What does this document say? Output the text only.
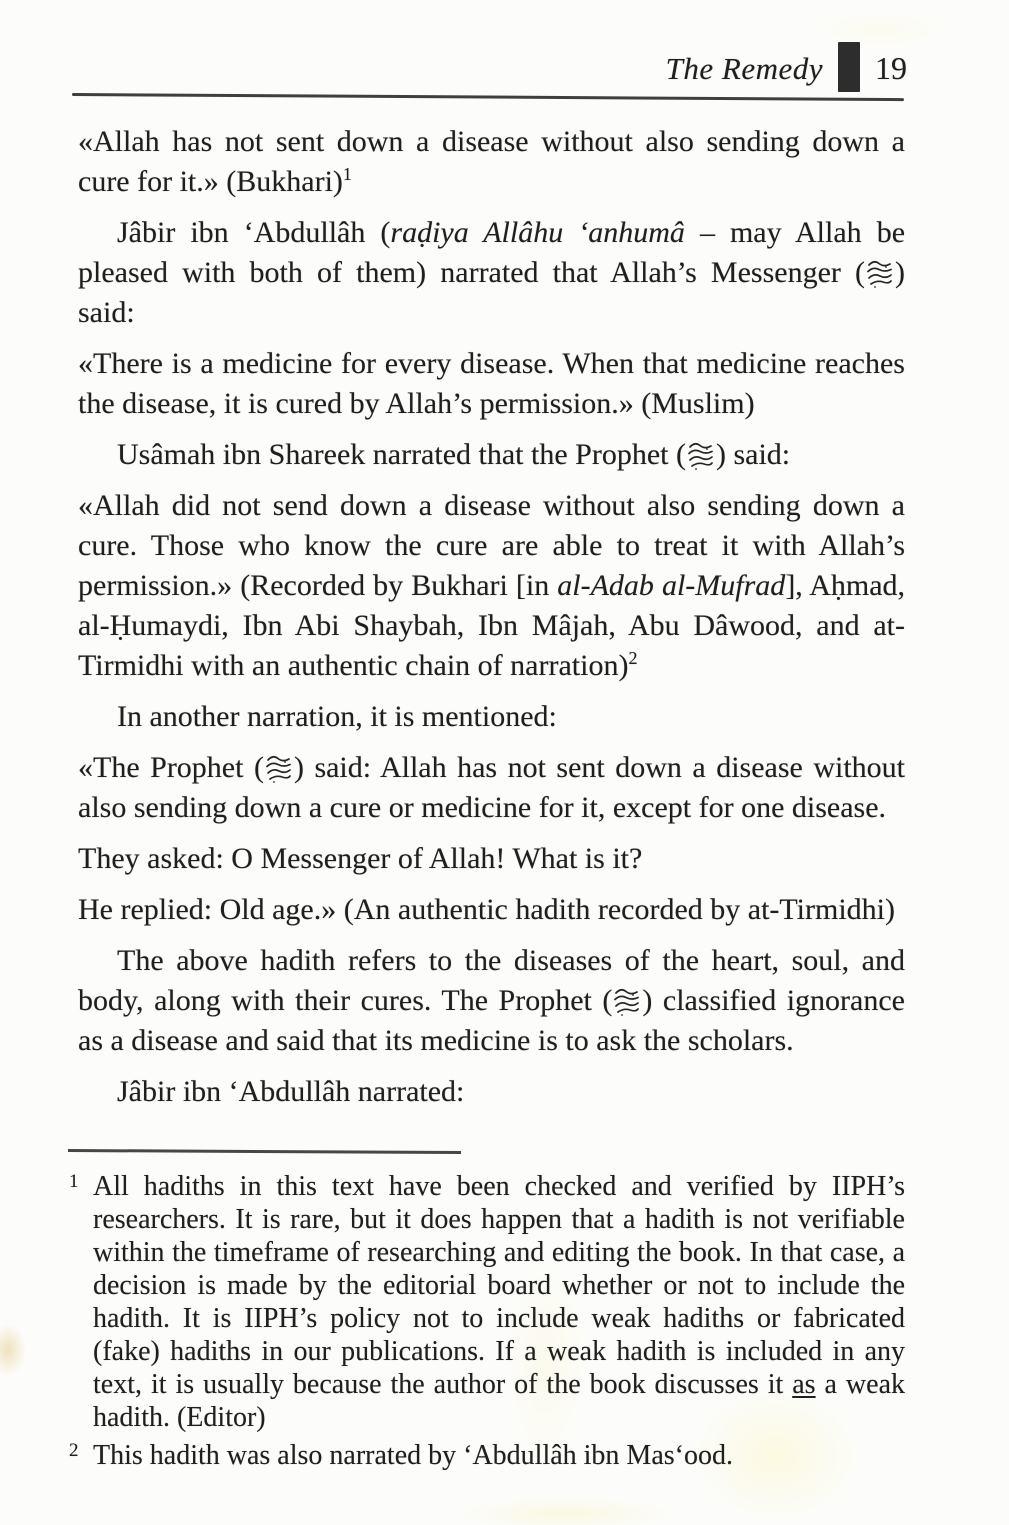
The Remedy 19

«Allah has not sent down a disease without also sending down a cure for it.» (Bukhari)$^1$

Jâbir ibn ‘Abdullâh (raḍiya Allâhu ‘anhumâ – may Allah be pleased with both of them) narrated that Allah’s Messenger ( ) said:

«There is a medicine for every disease. When that medicine reaches the disease, it is cured by Allah’s permission.» (Muslim)

Usâmah ibn Shareek narrated that the Prophet ( ) said:

«Allah did not send down a disease without also sending down a cure. Those who know the cure are able to treat it with Allah’s permission.» (Recorded by Bukhari [in al-Adab al-Mufrad], Aḥmad, al-Ḥumaydi, Ibn Abi Shaybah, Ibn Mâjah, Abu Dâwood, and at-Tirmidhi with an authentic chain of narration)$^2$

In another narration, it is mentioned:

«The Prophet ( ) said: Allah has not sent down a disease without also sending down a cure or medicine for it, except for one disease.

They asked: O Messenger of Allah! What is it?

He replied: Old age.» (An authentic hadith recorded by at-Tirmidhi)

The above hadith refers to the diseases of the heart, soul, and body, along with their cures. The Prophet ( ) classified ignorance as a disease and said that its medicine is to ask the scholars.

Jâbir ibn ‘Abdullâh narrated:

1 All hadiths in this text have been checked and verified by IIPH’s researchers. It is rare, but it does happen that a hadith is not verifiable within the timeframe of researching and editing the book. In that case, a decision is made by the editorial board whether or not to include the hadith. It is IIPH’s policy not to include weak hadiths or fabricated (fake) hadiths in our publications. If a weak hadith is included in any text, it is usually because the author of the book discusses it as a weak hadith. (Editor)
2 This hadith was also narrated by ‘Abdullâh ibn Mas‘ood.
